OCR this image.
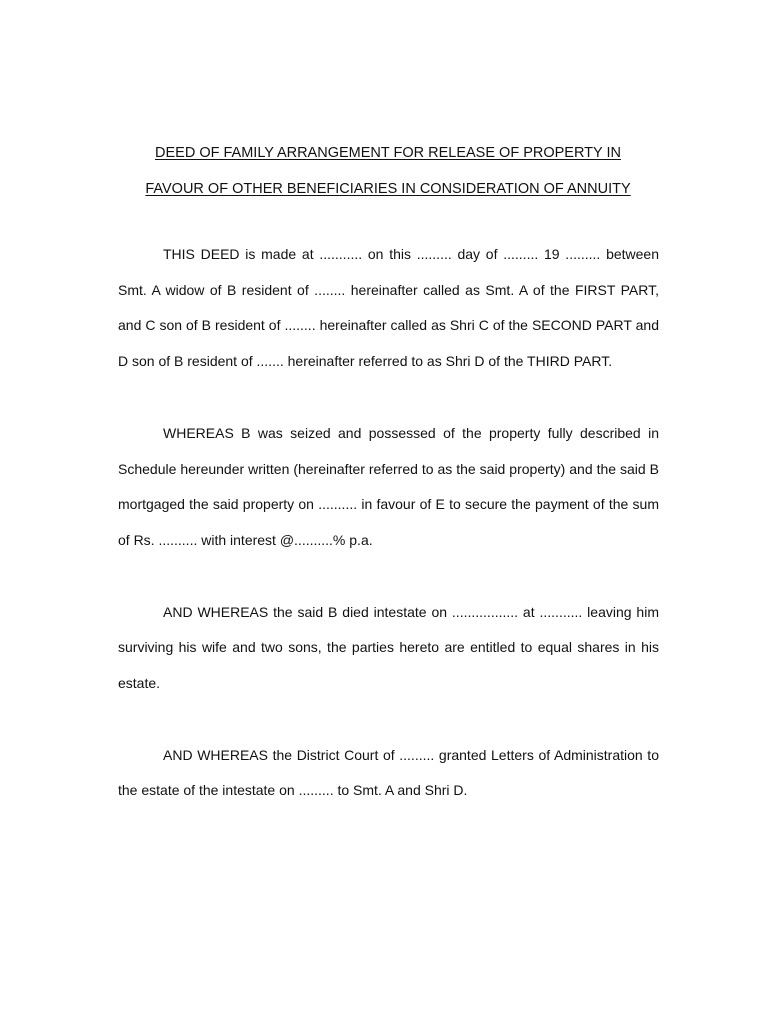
DEED OF FAMILY ARRANGEMENT FOR RELEASE OF PROPERTY IN
FAVOUR OF OTHER BENEFICIARIES IN CONSIDERATION OF ANNUITY

THIS DEED is made at ........... on this ......... day of ......... 19 ......... between Smt. A widow of B resident of ........ hereinafter called as Smt. A of the FIRST PART, and C son of B resident of ........ hereinafter called as Shri C of the SECOND PART and D son of B resident of ....... hereinafter referred to as Shri D of the THIRD PART.

WHEREAS B was seized and possessed of the property fully described in Schedule hereunder written (hereinafter referred to as the said property) and the said B mortgaged the said property on .......... in favour of E to secure the payment of the sum of Rs. .......... with interest @..........% p.a.

AND WHEREAS the said B died intestate on ................. at ........... leaving him surviving his wife and two sons, the parties hereto are entitled to equal shares in his estate.

AND WHEREAS the District Court of ......... granted Letters of Administration to the estate of the intestate on ......... to Smt. A and Shri D.
